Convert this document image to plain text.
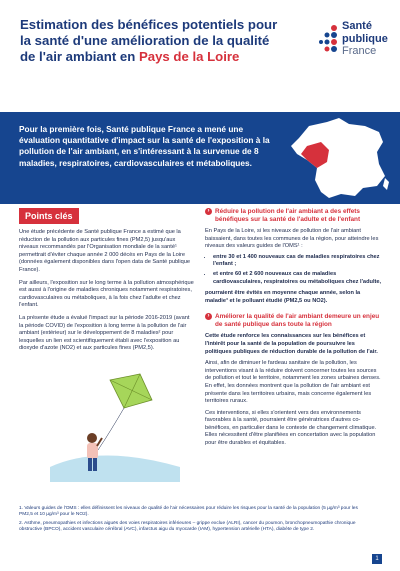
Estimation des bénéfices potentiels pour la santé d'une amélioration de la qualité de l'air ambiant en Pays de la Loire
Santé
publique
France
Pour la première fois, Santé publique France a mené une évaluation quantitative d'impact sur la santé de l'exposition à la pollution de l'air ambiant, en s'intéressant à la survenue de 8 maladies, respiratoires, cardiovasculaires et métaboliques.
Points clés

Une étude précédente de Santé publique France a estimé que la réduction de la pollution aux particules fines (PM2,5) jusqu'aux niveaux recommandés par l'Organisation mondiale de la santé¹ permettrait d'éviter chaque année 2 000 décès en Pays de la Loire (données également disponibles dans l'open data de Santé publique France).

Par ailleurs, l'exposition sur le long terme à la pollution atmosphérique est aussi à l'origine de maladies chroniques notamment respiratoires, cardiovasculaires ou métaboliques, à la fois chez l'adulte et chez l'enfant.

La présente étude a évalué l'impact sur la période 2016-2019 (avant la période COVID) de l'exposition à long terme à la pollution de l'air ambiant (extérieur) sur le développement de 8 maladies² pour lesquelles un lien est scientifiquement établi avec l'exposition au dioxyde d'azote (NO2) et aux particules fines (PM2,5).

› Réduire la pollution de l'air ambiant a des effets bénéfiques sur la santé de l'adulte et de l'enfant

En Pays de la Loire, si les niveaux de pollution de l'air ambiant baissaient, dans toutes les communes de la région, pour atteindre les niveaux des valeurs guides de l'OMS¹ :

• entre 30 et 1 400 nouveaux cas de maladies respiratoires chez l'enfant ;
• et entre 60 et 2 600 nouveaux cas de maladies cardiovasculaires, respiratoires ou métaboliques chez l'adulte,

pourraient être évités en moyenne chaque année, selon la maladie³ et le polluant étudié (PM2,5 ou NO2).

› Améliorer la qualité de l'air ambiant demeure un enjeu de santé publique dans toute la région

Cette étude renforce les connaissances sur les bénéfices et l'intérêt pour la santé de la population de poursuivre les politiques publiques de réduction durable de la pollution de l'air.

Ainsi, afin de diminuer le fardeau sanitaire de la pollution, les interventions visant à la réduire doivent concerner toutes les sources de pollution et tout le territoire, notamment les zones urbaines denses. En effet, les données montrent que la pollution de l'air ambiant est présente dans les territoires urbains, mais concerne également les territoires ruraux.

Ces interventions, si elles s'orientent vers des environnements favorables à la santé, pourraient être génératrices d'autres co-bénéfices, en particulier dans le contexte de changement climatique. Elles nécessitent d'être planifiées en concertation avec la population pour être durables et équitables.

1. Valeurs guides de l'OMS : elles définissent les niveaux de qualité de l'air nécessaires pour réduire les risques pour la santé de la population (5 µg/m³ pour les PM2,5 et 10 µg/m³ pour le NO2).
2. Asthme, pneumopathies et infections aiguës des voies respiratoires inférieures – grippe exclue (ALRI), cancer du poumon, bronchopneumopathie chronique obstructive (BPCO), accident vasculaire cérébral (AVC), infarctus aigu du myocarde (IAM), hypertension artérielle (HTA), diabète de type 2.
1
